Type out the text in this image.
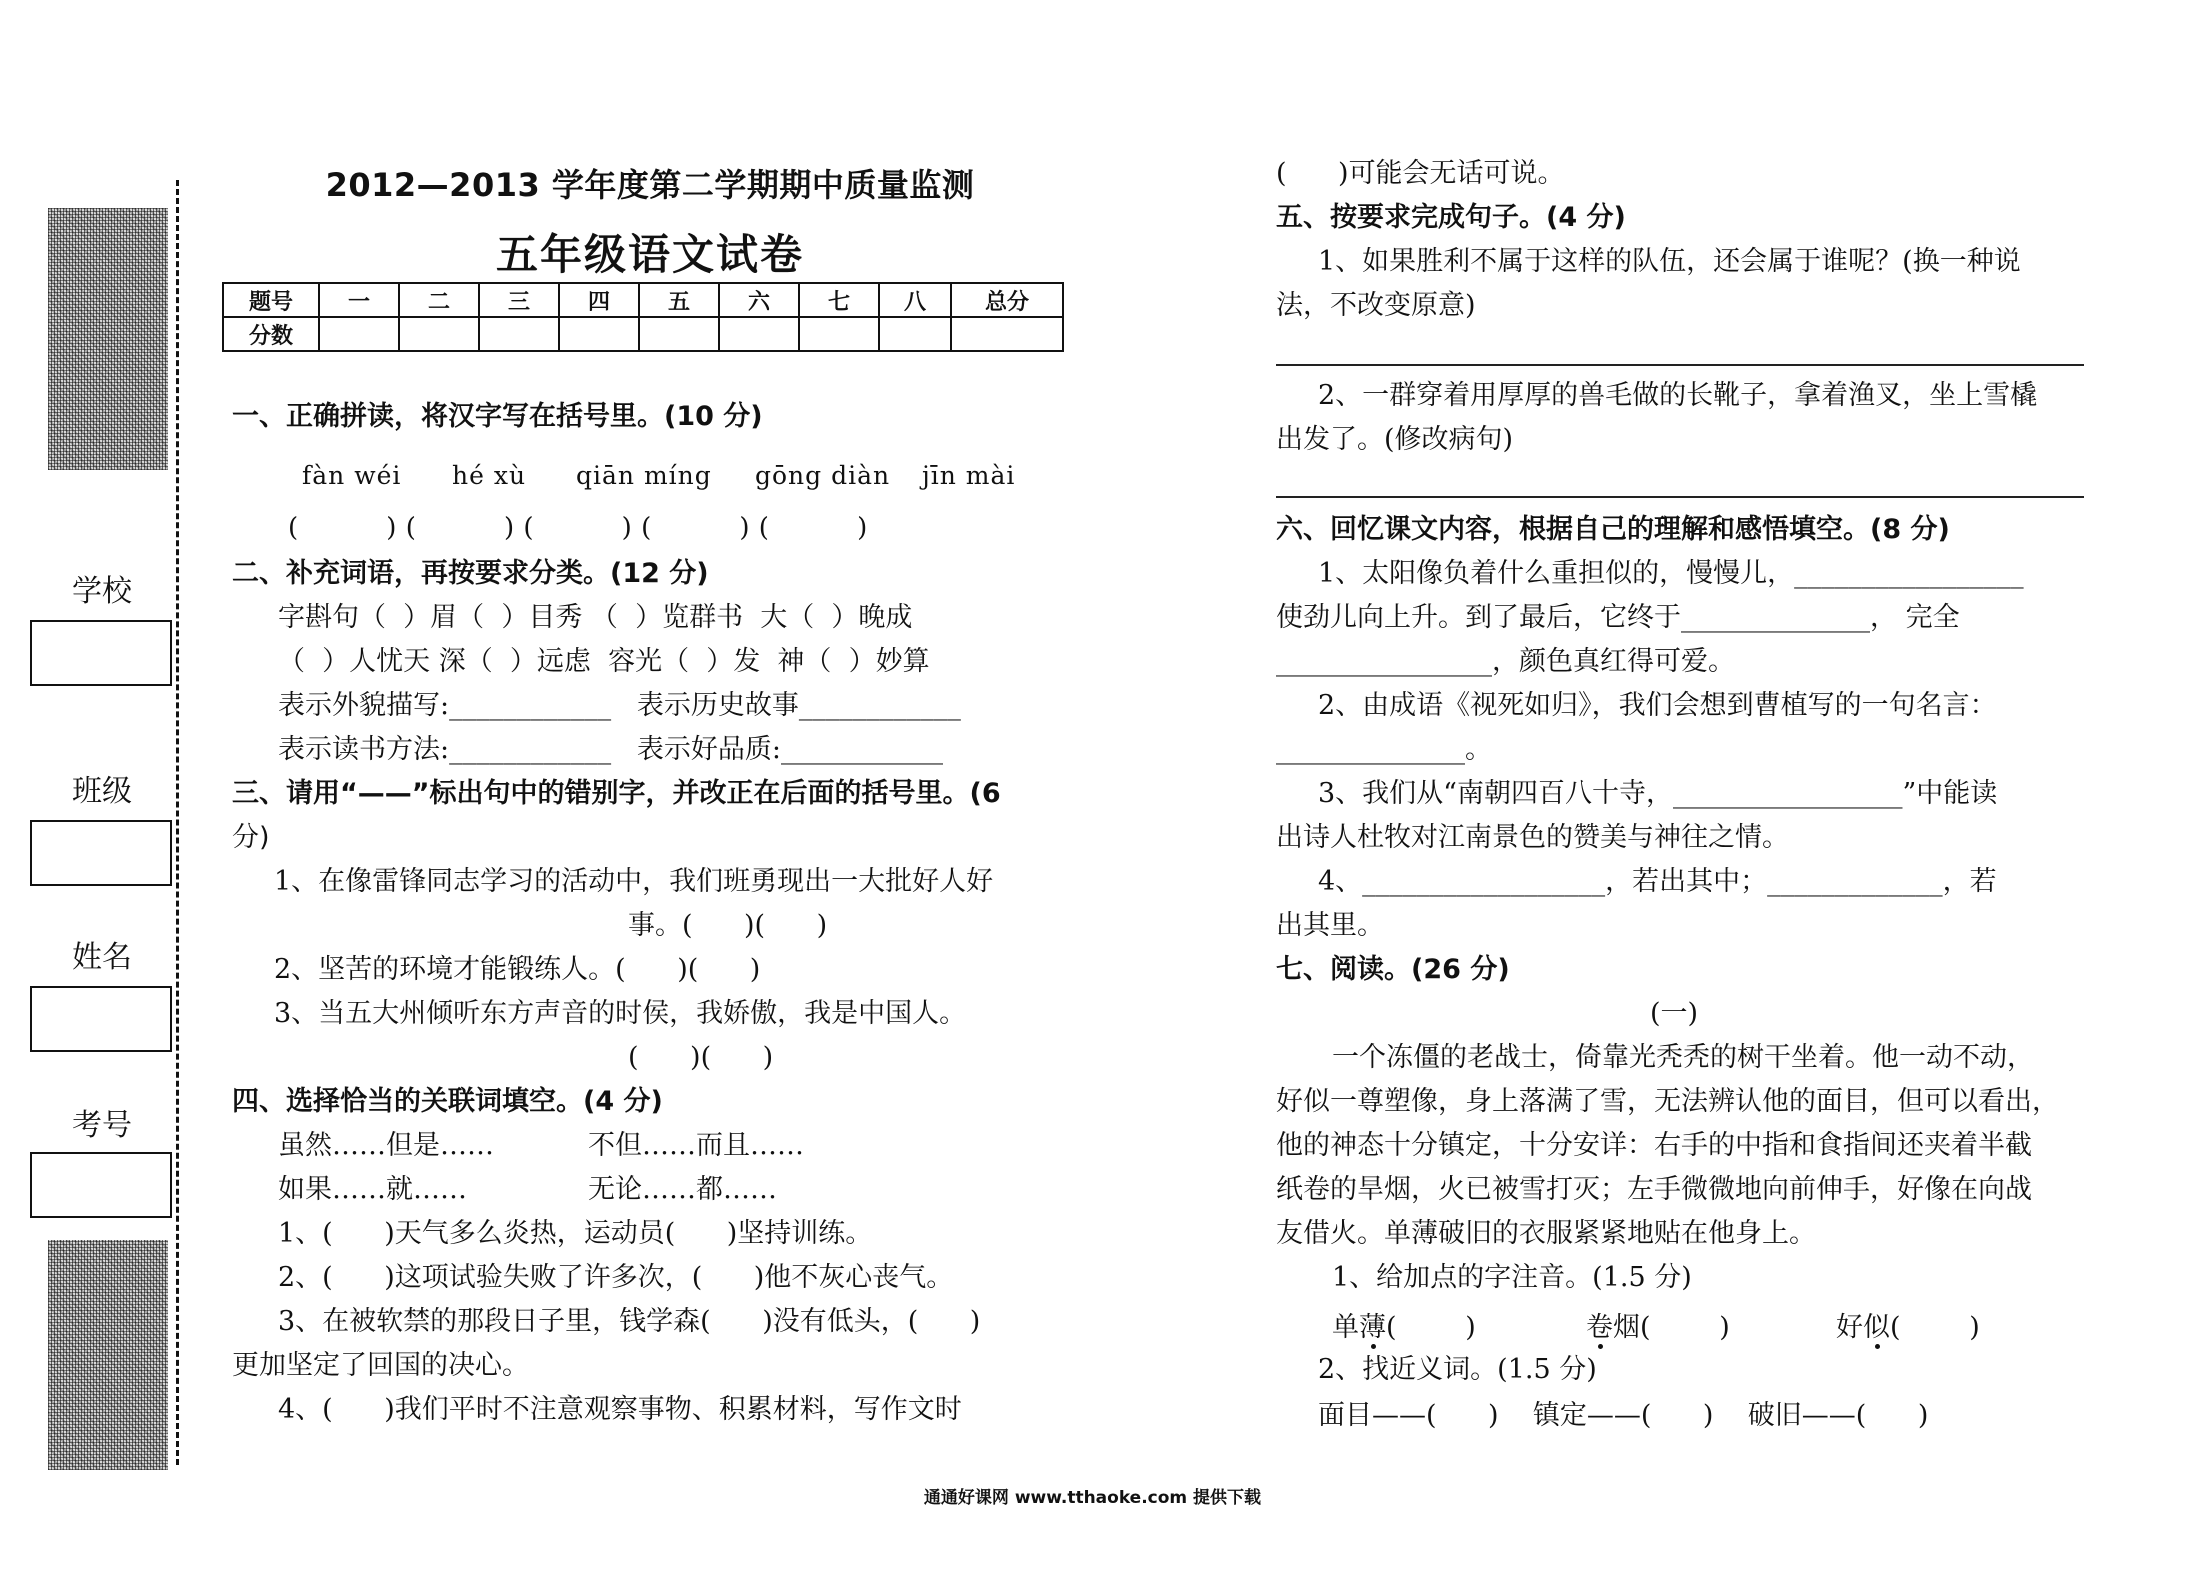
学校
班级
姓名
考号
2012—2013 学年度第二学期期中质量监测
五年级语文试卷
题号	一	二	三	四	五	六	七	八	总分
分数									
一、正确拼读，将汉字写在括号里。(10 分)
fàn wéi hé xù qiān míng gōng diàn jīn mài
(          ) (          ) (          ) (          ) (          )
二、补充词语，再按要求分类。(12 分)
字斟句（  ）眉（  ）目秀 （  ）览群书  大（  ）晚成
（  ）人忧天 深（  ）远虑  容光（  ）发  神（  ）妙算
表示外貌描写:____________   表示历史故事____________
表示读书方法:____________   表示好品质:____________
三、请用“——”标出句中的错别字，并改正在后面的括号里。(6
分)
1、在像雷锋同志学习的活动中，我们班勇现出一大批好人好
事。(      )(      )
2、坚苦的环境才能锻练人。(      )(      )
3、当五大州倾听东方声音的时侯，我娇傲，我是中国人。
(      )(      )
四、选择恰当的关联词填空。(4 分)
虽然……但是……	不但……而且……
如果……就……	无论……都……
1、(      )天气多么炎热，运动员(      )坚持训练。
2、(      )这项试验失败了许多次，(      )他不灰心丧气。
3、在被软禁的那段日子里，钱学森(      )没有低头，(      )
更加坚定了回国的决心。
4、(      )我们平时不注意观察事物、积累材料，写作文时
(      )可能会无话可说。
五、按要求完成句子。(4 分)
1、如果胜利不属于这样的队伍，还会属于谁呢？(换一种说
法，不改变原意)
2、一群穿着用厚厚的兽毛做的长靴子，拿着渔叉，坐上雪橇
出发了。(修改病句)
六、回忆课文内容，根据自己的理解和感悟填空。(8 分)
1、太阳像负着什么重担似的，慢慢儿，_________________
使劲儿向上升。到了最后，它终于______________， 完全
________________，颜色真红得可爱。
2、由成语《视死如归》，我们会想到曹植写的一句名言：
______________。
3、我们从“南朝四百八十寺，_________________”中能读
出诗人杜牧对江南景色的赞美与神往之情。
4、__________________，若出其中；_____________，若
出其里。
七、阅读。(26 分)
(一)
一个冻僵的老战士，倚靠光秃秃的树干坐着。他一动不动，
好似一尊塑像，身上落满了雪，无法辨认他的面目，但可以看出，
他的神态十分镇定，十分安详：右手的中指和食指间还夹着半截
纸卷的旱烟，火已被雪打灭；左手微微地向前伸手，好像在向战
友借火。单薄破旧的衣服紧紧地贴在他身上。
1、给加点的字注音。(1.5 分)
单薄(        )	卷烟(        )	好似(        )
2、找近义词。(1.5 分)
面目——(      )    镇定——(      )    破旧——(      )
通通好课网 www.tthaoke.com 提供下载
